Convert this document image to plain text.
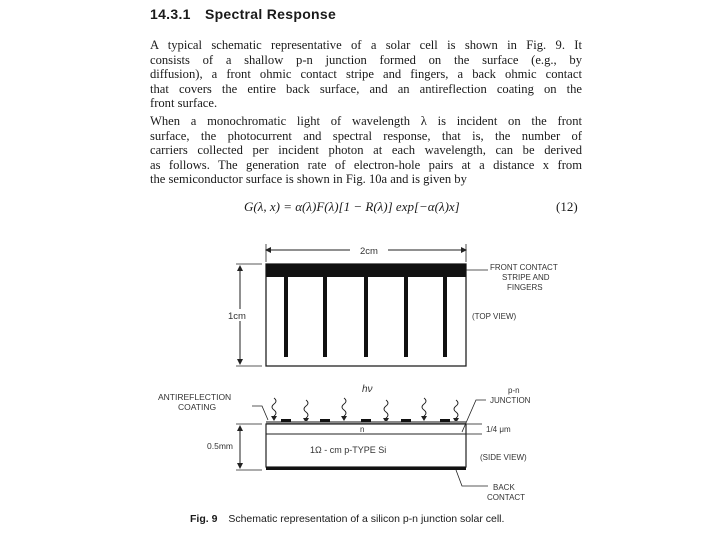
14.3.1 Spectral Response
A typical schematic representative of a solar cell is shown in Fig. 9. It
consists of a shallow p-n junction formed on the surface (e.g., by
diffusion), a front ohmic contact stripe and fingers, a back ohmic contact
that covers the entire back surface, and an antireflection coating on the
front surface.
When a monochromatic light of wavelength λ is incident on the front
surface, the photocurrent and spectral response, that is, the number of
carriers collected per incident photon at each wavelength, can be derived
as follows. The generation rate of electron-hole pairs at a distance x from
the semiconductor surface is shown in Fig. 10a and is given by
G(λ, x) = α(λ)F(λ)[1 − R(λ)] exp[−α(λ)x]	(12)
2cm
1cm
FRONT CONTACT
STRIPE AND
FINGERS
(TOP VIEW)
hν
n
1Ω - cm p-TYPE Si
ANTIREFLECTION
COATING
p-n
JUNCTION
1/4 μm
(SIDE VIEW)
0.5mm
BACK
CONTACT
Fig. 9 Schematic representation of a silicon p-n junction solar cell.
